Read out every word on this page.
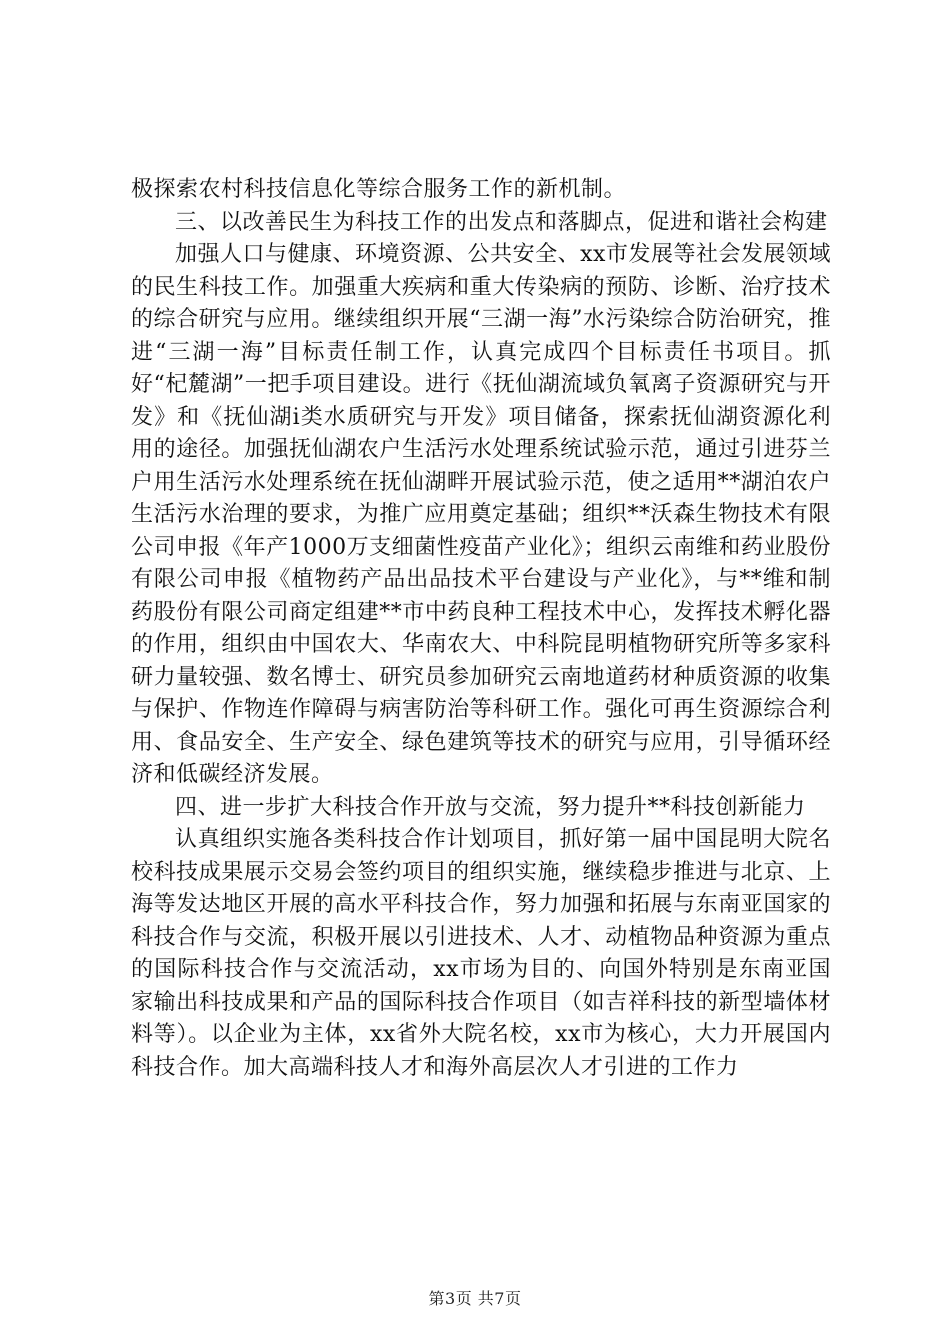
极探索农村科技信息化等综合服务工作的新机制。

三、以改善民生为科技工作的出发点和落脚点，促进和谐社会构建

加强人口与健康、环境资源、公共安全、xx市发展等社会发展领域的民生科技工作。加强重大疾病和重大传染病的预防、诊断、治疗技术的综合研究与应用。继续组织开展“三湖一海”水污染综合防治研究，推进“三湖一海”目标责任制工作，认真完成四个目标责任书项目。抓好“杞麓湖”一把手项目建设。进行《抚仙湖流域负氧离子资源研究与开发》和《抚仙湖i类水质研究与开发》项目储备，探索抚仙湖资源化利用的途径。加强抚仙湖农户生活污水处理系统试验示范，通过引进芬兰户用生活污水处理系统在抚仙湖畔开展试验示范，使之适用**湖泊农户生活污水治理的要求，为推广应用奠定基础；组织**沃森生物技术有限公司申报《年产1000万支细菌性疫苗产业化》；组织云南维和药业股份有限公司申报《植物药产品出品技术平台建设与产业化》，与**维和制药股份有限公司商定组建**市中药良种工程技术中心，发挥技术孵化器的作用，组织由中国农大、华南农大、中科院昆明植物研究所等多家科研力量较强、数名博士、研究员参加研究云南地道药材种质资源的收集与保护、作物连作障碍与病害防治等科研工作。强化可再生资源综合利用、食品安全、生产安全、绿色建筑等技术的研究与应用，引导循环经济和低碳经济发展。

四、进一步扩大科技合作开放与交流，努力提升**科技创新能力

认真组织实施各类科技合作计划项目，抓好第一届中国昆明大院名校科技成果展示交易会签约项目的组织实施，继续稳步推进与北京、上海等发达地区开展的高水平科技合作，努力加强和拓展与东南亚国家的科技合作与交流，积极开展以引进技术、人才、动植物品种资源为重点的国际科技合作与交流活动，xx市场为目的、向国外特别是东南亚国家输出科技成果和产品的国际科技合作项目（如吉祥科技的新型墙体材料等）。以企业为主体，xx省外大院名校，xx市为核心，大力开展国内科技合作。加大高端科技人才和海外高层次人才引进的工作力

第3页 共7页
